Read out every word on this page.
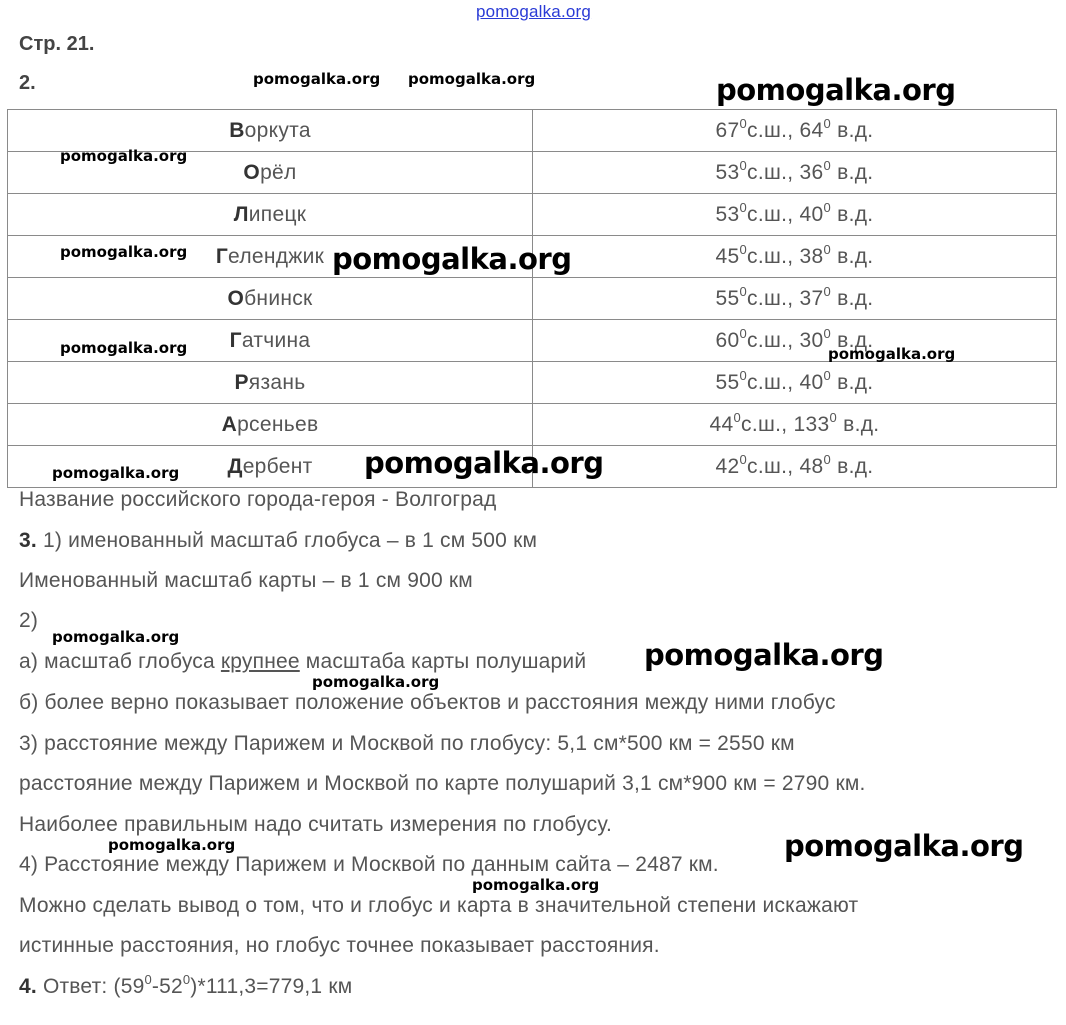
pomogalka.org
Стр. 21.
2.
Воркута	$67^0с.ш$., $64^0$ в.д.
Орёл	$53^0с.ш$., $36^0$ в.д.
Липецк	$53^0с.ш$., $40^0$ в.д.
Геленджик	$45^0с.ш$., $38^0$ в.д.
Обнинск	$55^0с.ш$., $37^0$ в.д.
Гатчина	$60^0с.ш$., $30^0$ в.д.
Рязань	$55^0с.ш$., $40^0$ в.д.
Арсеньев	$44^0с.ш$., $133^0$ в.д.
Дербент	$42^0с.ш$., $48^0$ в.д.
Название российского города-героя - Волгоград
3. 1) именованный масштаб глобуса – в 1 см 500 км
Именованный масштаб карты – в 1 см 900 км
2)
а) масштаб глобуса крупнее масштаба карты полушарий
б) более верно показывает положение объектов и расстояния между ними глобус
3) расстояние между Парижем и Москвой по глобусу: 5,1 см*500 км = 2550 км
расстояние между Парижем и Москвой по карте полушарий 3,1 см*900 км = 2790 км.
Наиболее правильным надо считать измерения по глобусу.
4) Расстояние между Парижем и Москвой по данным сайта – 2487 км.
Можно сделать вывод о том, что и глобус и карта в значительной степени искажают
истинные расстояния, но глобус точнее показывает расстояния.
4. Ответ: $(59^0-52^0)*111,3=779,1$ км
pomogalka.org pomogalka.org	pomogalka.org
pomogalka.org
pomogalka.org	pomogalka.org
pomogalka.org	pomogalka.org
pomogalka.org	pomogalka.org
pomogalka.org
pomogalka.org
pomogalka.org
pomogalka.org	pomogalka.org
pomogalka.org
